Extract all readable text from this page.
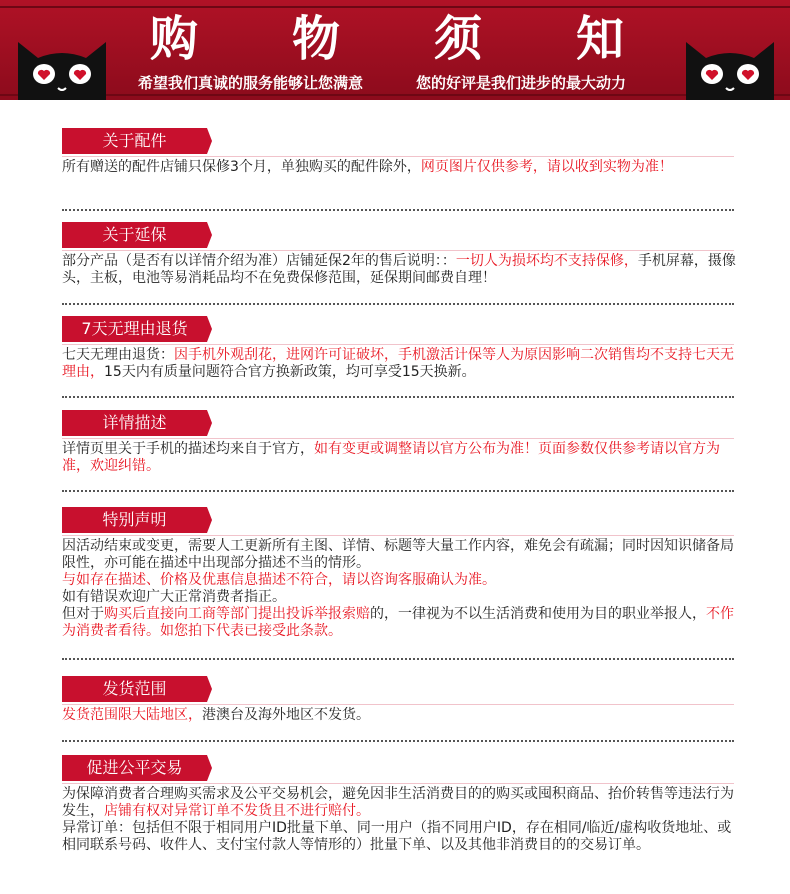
购 物 须 知
希望我们真诚的服务能够让您满意	您的好评是我们进步的最大动力
关于配件
所有赠送的配件店铺只保修3个月，单独购买的配件除外，网页图片仅供参考，请以收到实物为准！
关于延保
部分产品（是否有以详情介绍为准）店铺延保2年的售后说明：：一切人为损坏均不支持保修，手机屏幕，摄像头，主板，电池等易消耗品均不在免费保修范围，延保期间邮费自理！
7天无理由退货
七天无理由退货：因手机外观刮花，进网许可证破坏，手机激活计保等人为原因影响二次销售均不支持七天无理由，15天内有质量问题符合官方换新政策，均可享受15天换新。
详情描述
详情页里关于手机的描述均来自于官方，如有变更或调整请以官方公布为准！页面参数仅供参考请以官方为准，欢迎纠错。
特别声明

因活动结束或变更，需要人工更新所有主图、详情、标题等大量工作内容，难免会有疏漏；同时因知识储备局限性，亦可能在描述中出现部分描述不当的情形。

与如存在描述、价格及优惠信息描述不符合，请以咨询客服确认为准。

如有错误欢迎广大正常消费者指正。

但对于购买后直接向工商等部门提出投诉举报索赔的，一律视为不以生活消费和使用为目的职业举报人，不作为消费者看待。如您拍下代表已接受此条款。

发货范围
发货范围限大陆地区，港澳台及海外地区不发货。
促进公平交易

为保障消费者合理购买需求及公平交易机会，避免因非生活消费目的的购买或囤积商品、抬价转售等违法行为发生，店铺有权对异常订单不发货且不进行赔付。

异常订单：包括但不限于相同用户ID批量下单、同一用户（指不同用户ID，存在相同/临近/虚构收货地址、或相同联系号码、收件人、支付宝付款人等情形的）批量下单、以及其他非消费目的的交易订单。
